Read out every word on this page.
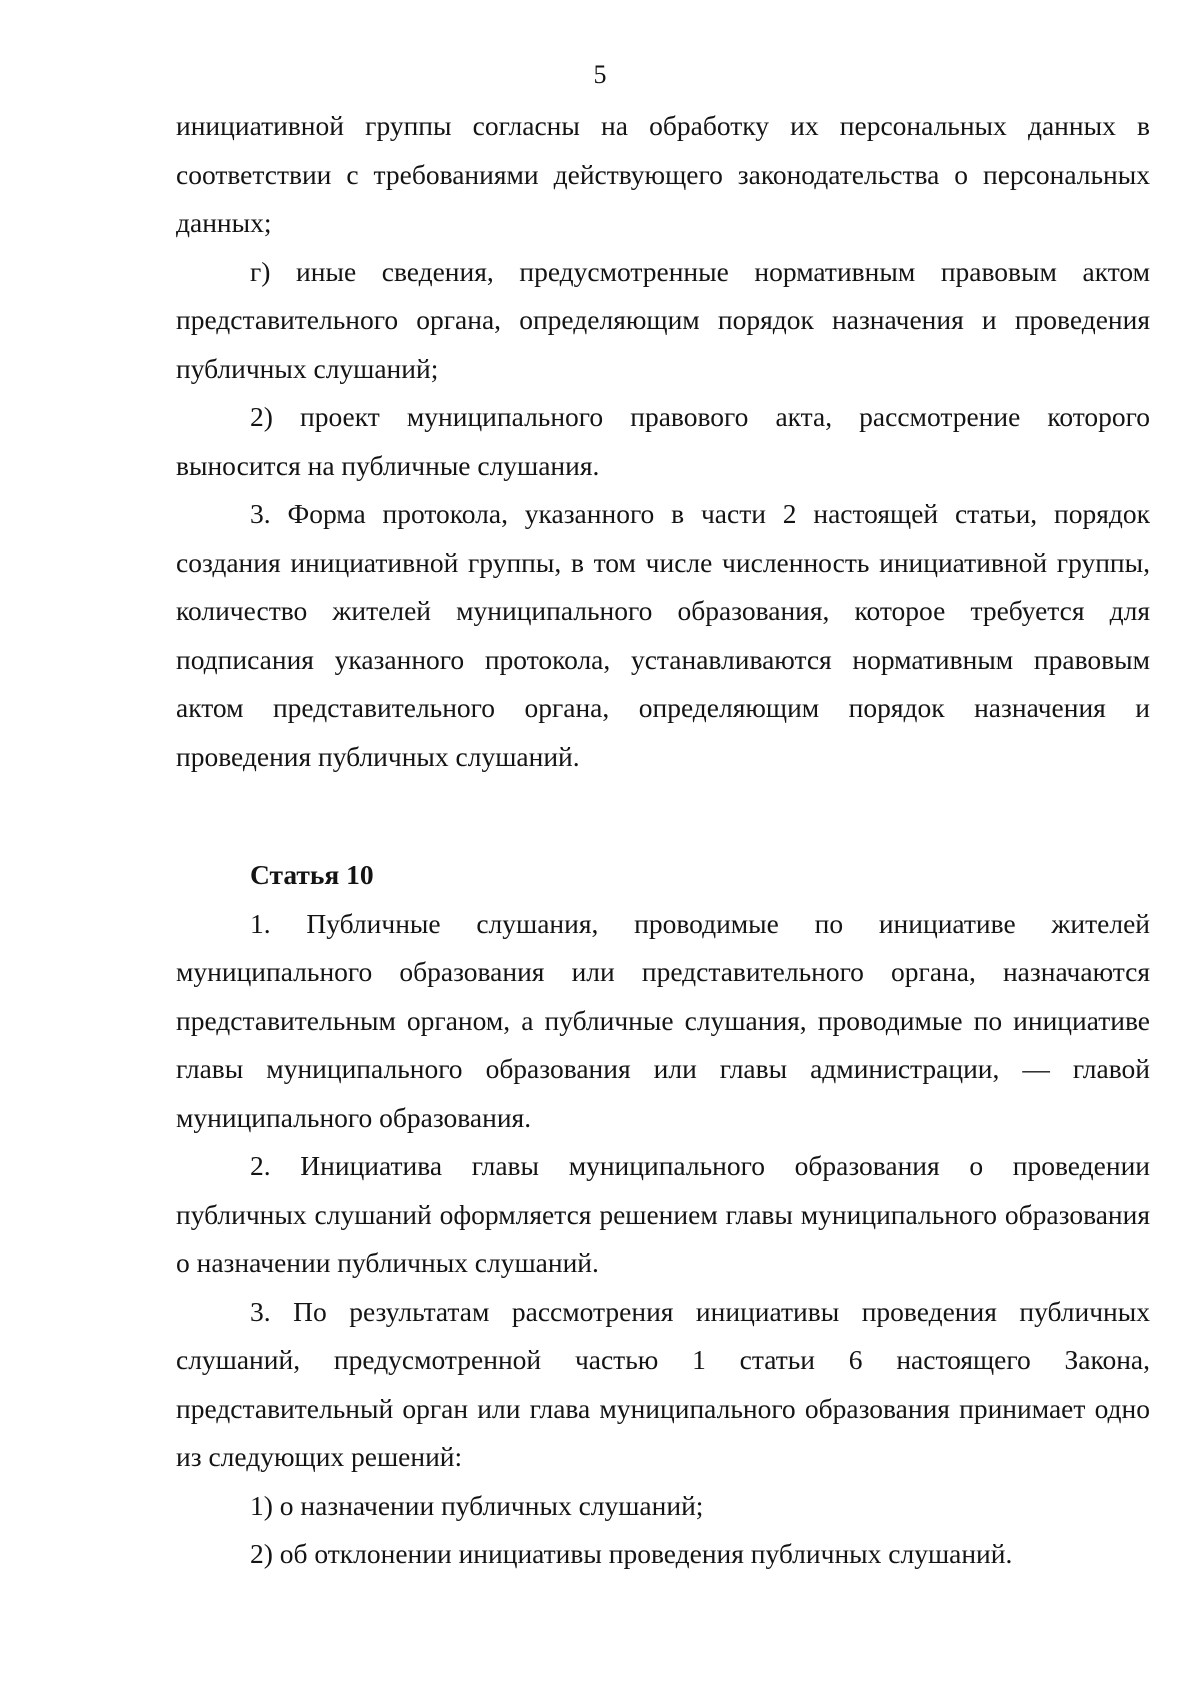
5

инициативной группы согласны на обработку их персональных данных в соответствии с требованиями действующего законодательства о персональных данных;

г) иные сведения, предусмотренные нормативным правовым актом представительного органа, определяющим порядок назначения и проведения публичных слушаний;

2) проект муниципального правового акта, рассмотрение которого выносится на публичные слушания.

3. Форма протокола, указанного в части 2 настоящей статьи, порядок создания инициативной группы, в том числе численность инициативной группы, количество жителей муниципального образования, которое требуется для подписания указанного протокола, устанавливаются нормативным правовым актом представительного органа, определяющим порядок назначения и проведения публичных слушаний.

Статья 10

1. Публичные слушания, проводимые по инициативе жителей муниципального образования или представительного органа, назначаются представительным органом, а публичные слушания, проводимые по инициативе главы муниципального образования или главы администрации, — главой муниципального образования.

2. Инициатива главы муниципального образования о проведении публичных слушаний оформляется решением главы муниципального образования о назначении публичных слушаний.

3. По результатам рассмотрения инициативы проведения публичных слушаний, предусмотренной частью 1 статьи 6 настоящего Закона, представительный орган или глава муниципального образования принимает одно из следующих решений:

1) о назначении публичных слушаний;

2) об отклонении инициативы проведения публичных слушаний.
